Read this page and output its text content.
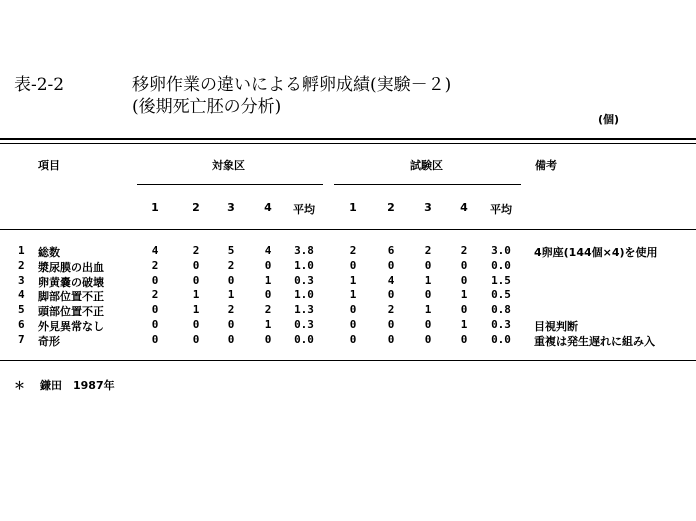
表-2-2	移卵作業の違いによる孵卵成績(実験－２)
(後期死亡胚の分析)
(個)
項目	対象区	試験区	備考
1	2	3	4	平均	1	2	3	4	平均
1 総数	4	2	5	4	3.8	2	6	2	2	3.0	4卵座(144個×4)を使用
2 漿尿膜の出血	2	0	2	0	1.0	0	0	0	0	0.0
3 卵黄嚢の破壊	0	0	0	1	0.3	1	4	1	0	1.5
4 脚部位置不正	2	1	1	0	1.0	1	0	0	1	0.5
5 頭部位置不正	0	1	2	2	1.3	0	2	1	0	0.8
6 外見異常なし	0	0	0	1	0.3	0	0	0	1	0.3	目視判断
7 奇形	0	0	0	0	0.0	0	0	0	0	0.0	重複は発生遅れに組み入
＊ 鎌田　1987年
